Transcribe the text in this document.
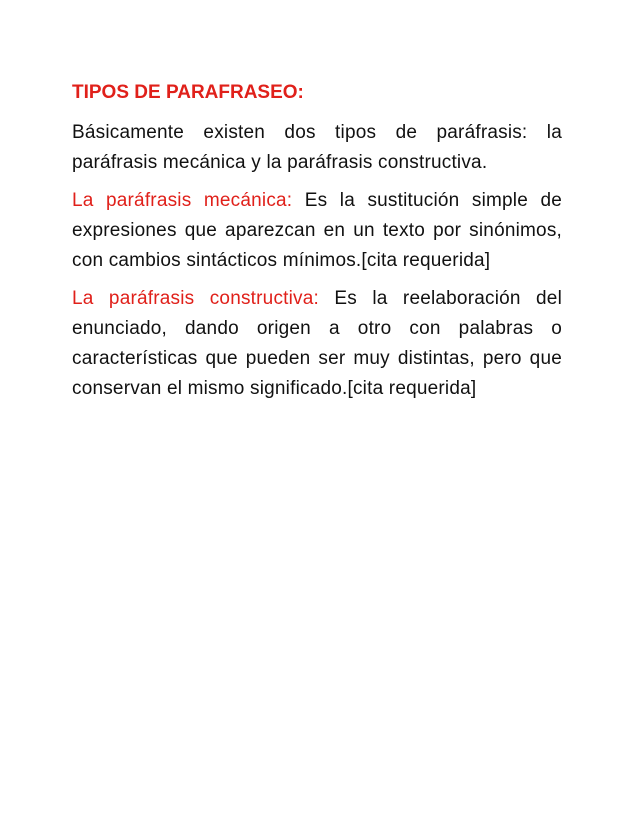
TIPOS DE PARAFRASEO:

Básicamente existen dos tipos de paráfrasis: la paráfrasis mecánica y la paráfrasis constructiva.

La paráfrasis mecánica: Es la sustitución simple de expresiones que aparezcan en un texto por sinónimos, con cambios sintácticos mínimos.[cita requerida]

La paráfrasis constructiva: Es la reelaboración del enunciado, dando origen a otro con palabras o características que pueden ser muy distintas, pero que conservan el mismo significado.[cita requerida]
